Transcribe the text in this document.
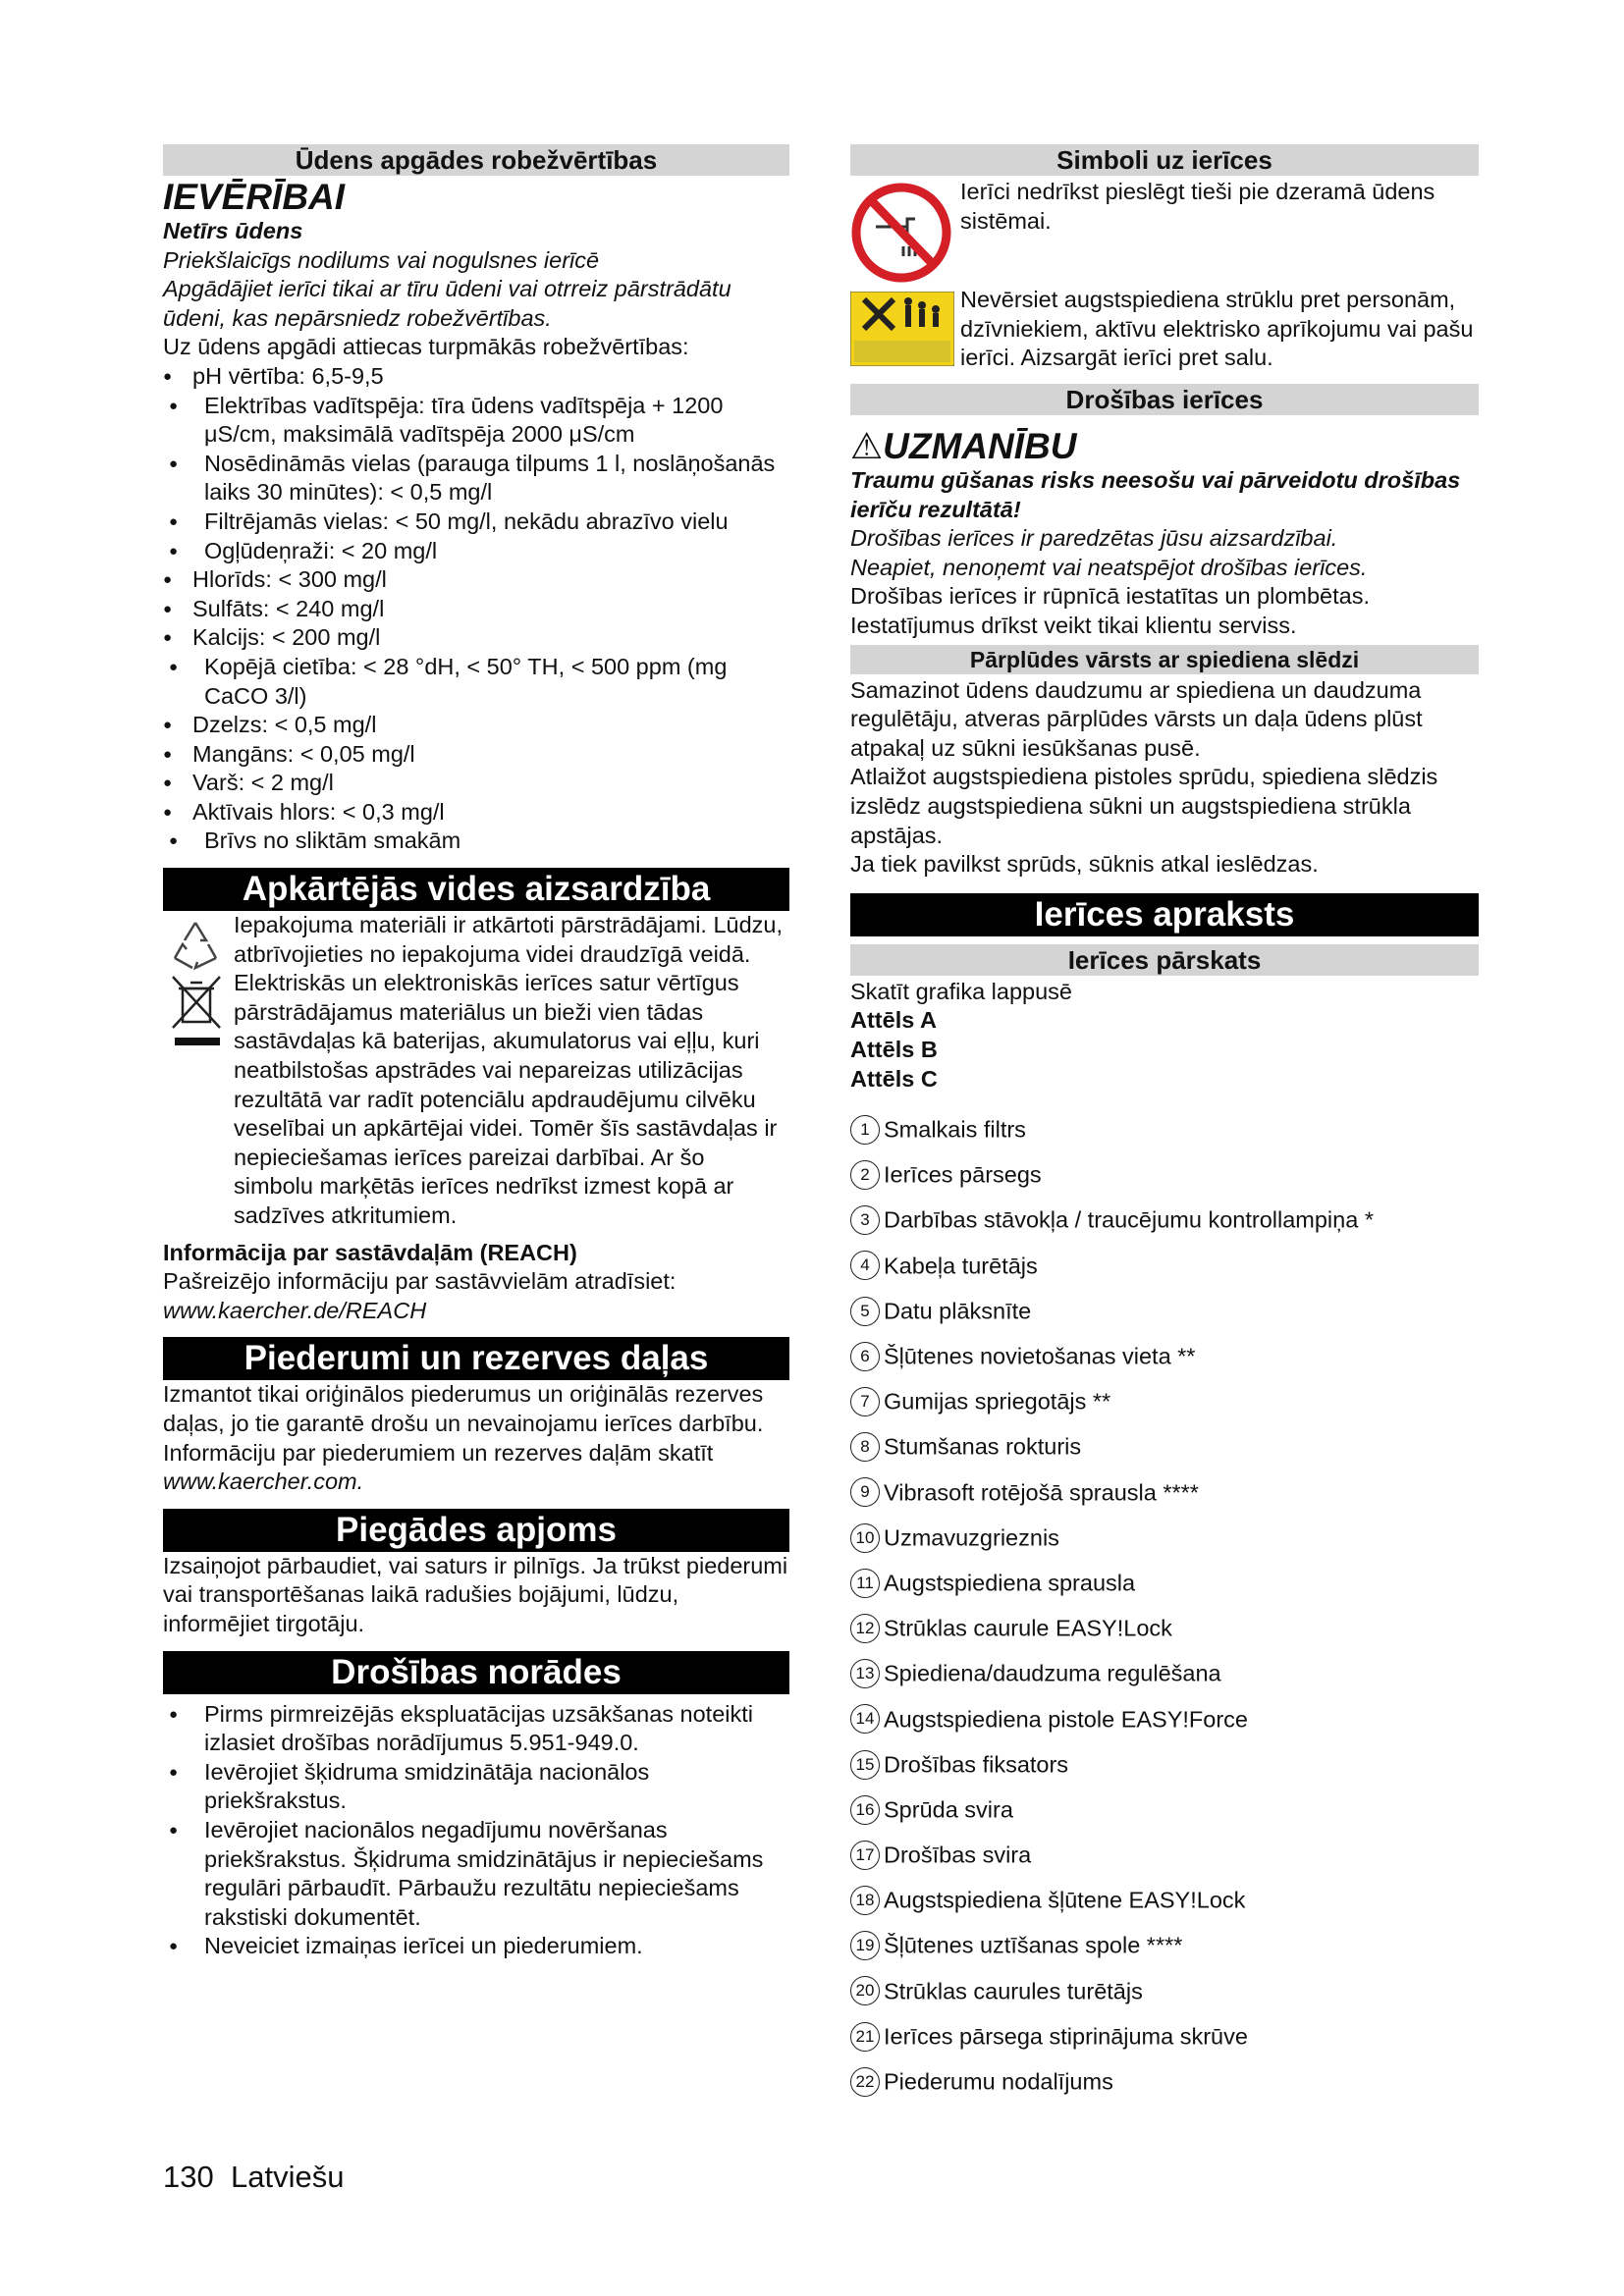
Ūdens apgādes robežvērtības

IEVĒRĪBAI

Netīrs ūdens

Priekšlaicīgs nodilums vai nogulsnes ierīcē

Apgādājiet ierīci tikai ar tīru ūdeni vai otrreiz pārstrādātu ūdeni, kas nepārsniedz robežvērtības.

Uz ūdens apgādi attiecas turpmākās robežvērtības:

● pH vērtība: 6,5-9,5
● Elektrības vadītspēja: tīra ūdens vadītspēja + 1200 μS/cm, maksimālā vadītspēja 2000 μS/cm
● Nosēdināmās vielas (parauga tilpums 1 l, noslāņošanās laiks 30 minūtes): < 0,5 mg/l
● Filtrējamās vielas: < 50 mg/l, nekādu abrazīvo vielu
● Ogļūdeņraži: < 20 mg/l
● Hlorīds: < 300 mg/l
● Sulfāts: < 240 mg/l
● Kalcijs: < 200 mg/l
● Kopējā cietība: < 28 °dH, < 50° TH, < 500 ppm (mg CaCO 3/l)
● Dzelzs: < 0,5 mg/l
● Mangāns: < 0,05 mg/l
● Varš: < 2 mg/l
● Aktīvais hlors: < 0,3 mg/l
● Brīvs no sliktām smakām
Apkārtējās vides aizsardzība

Iepakojuma materiāli ir atkārtoti pārstrādājami. Lūdzu, atbrīvojieties no iepakojuma videi draudzīgā veidā.

Elektriskās un elektroniskās ierīces satur vērtīgus pārstrādājamus materiālus un bieži vien tādas sastāvdaļas kā baterijas, akumulatorus vai eļļu, kuri neatbilstošas apstrādes vai nepareizas utilizācijas rezultātā var radīt potenciālu apdraudējumu cilvēku veselībai un apkārtējai videi. Tomēr šīs sastāvdaļas ir nepieciešamas ierīces pareizai darbībai. Ar šo simbolu marķētās ierīces nedrīkst izmest kopā ar sadzīves atkritumiem.

Informācija par sastāvdaļām (REACH)

Pašreizējo informāciju par sastāvvielām atradīsiet:

www.kaercher.de/REACH

Piederumi un rezerves daļas

Izmantot tikai oriģinālos piederumus un oriģinālās rezerves daļas, jo tie garantē drošu un nevainojamu ierīces darbību.

Informāciju par piederumiem un rezerves daļām skatīt

www.kaercher.com.

Piegādes apjoms

Izsaiņojot pārbaudiet, vai saturs ir pilnīgs. Ja trūkst piederumi vai transportēšanas laikā radušies bojājumi, lūdzu, informējiet tirgotāju.

Drošības norādes
● Pirms pirmreizējās ekspluatācijas uzsākšanas noteikti izlasiet drošības norādījumus 5.951-949.0.
● Ievērojiet šķidruma smidzinātāja nacionālos priekšrakstus.
● Ievērojiet nacionālos negadījumu novēršanas priekšrakstus. Šķidruma smidzinātājus ir nepieciešams regulāri pārbaudīt. Pārbaužu rezultātu nepieciešams rakstiski dokumentēt.
● Neveiciet izmaiņas ierīcei un piederumiem.
Simboli uz ierīces

Ierīci nedrīkst pieslēgt tieši pie dzeramā ūdens sistēmai.

Nevērsiet augstspiediena strūklu pret personām, dzīvniekiem, aktīvu elektrisko aprīkojumu vai pašu ierīci. Aizsargāt ierīci pret salu.

Drošības ierīces

⚠UZMANĪBU

Traumu gūšanas risks neesošu vai pārveidotu drošības ierīču rezultātā!

Drošības ierīces ir paredzētas jūsu aizsardzībai.

Neapiet, nenoņemt vai neatspējot drošības ierīces.

Drošības ierīces ir rūpnīcā iestatītas un plombētas. Iestatījumus drīkst veikt tikai klientu serviss.

Pārplūdes vārsts ar spiediena slēdzi

Samazinot ūdens daudzumu ar spiediena un daudzuma regulētāju, atveras pārplūdes vārsts un daļa ūdens plūst atpakaļ uz sūkni iesūkšanas pusē.

Atlaižot augstspiediena pistoles sprūdu, spiediena slēdzis izslēdz augstspiediena sūkni un augstspiediena strūkla apstājas.

Ja tiek pavilkst sprūds, sūknis atkal ieslēdzas.

Ierīces apraksts
Ierīces pārskats

Skatīt grafika lappusē

Attēls A

Attēls B

Attēls C

1 Smalkais filtrs
2 Ierīces pārsegs
3 Darbības stāvokļa / traucējumu kontrollampiņa *
4 Kabeļa turētājs
5 Datu plāksnīte
6 Šļūtenes novietošanas vieta **
7 Gumijas spriegotājs **
8 Stumšanas rokturis
9 Vibrasoft rotējošā sprausla ****
10 Uzmavuzgrieznis
11 Augstspiediena sprausla
12 Strūklas caurule EASY!Lock
13 Spiediena/daudzuma regulēšana
14 Augstspiediena pistole EASY!Force
15 Drošības fiksators
16 Sprūda svira
17 Drošības svira
18 Augstspiediena šļūtene EASY!Lock
19 Šļūtenes uztīšanas spole ****
20 Strūklas caurules turētājs
21 Ierīces pārsega stiprinājuma skrūve
22 Piederumu nodalījums
130 Latviešu
